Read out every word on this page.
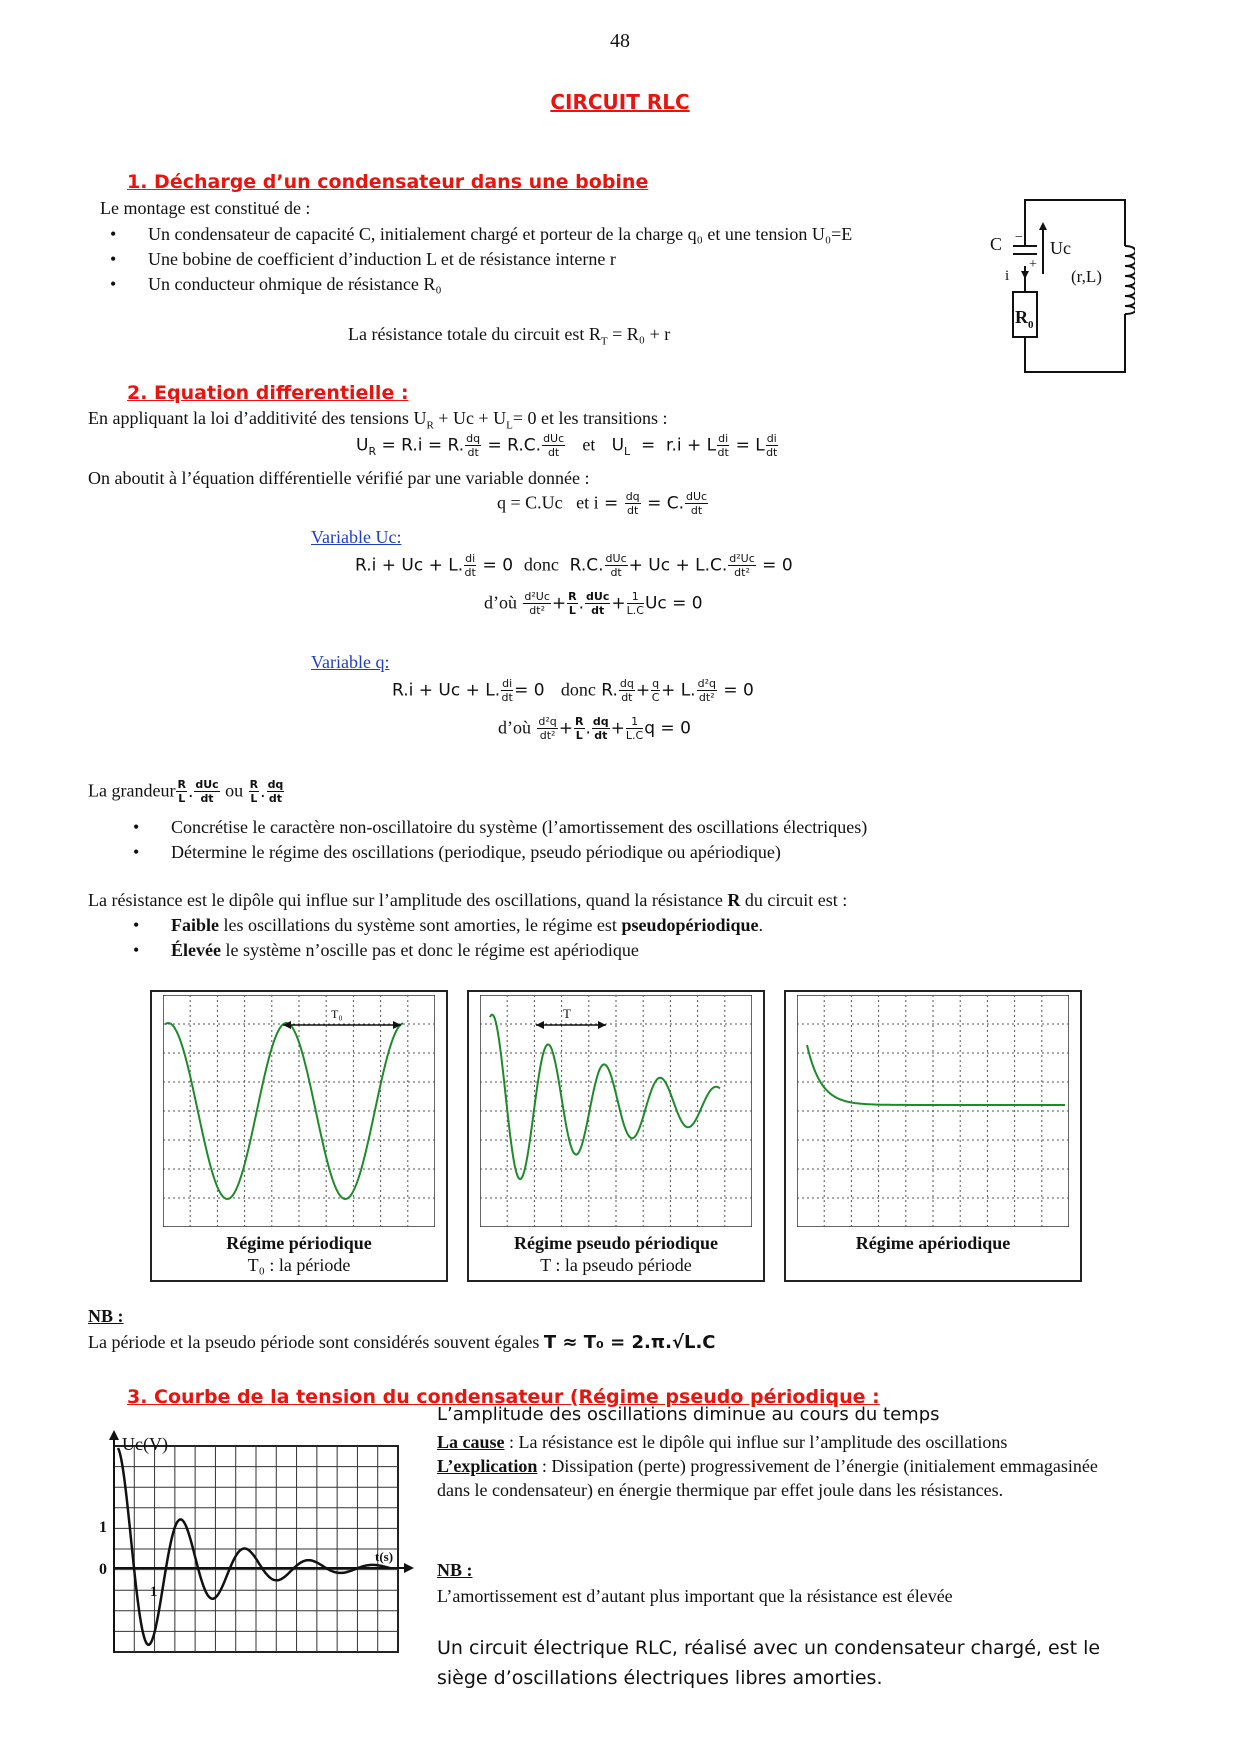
48
CIRCUIT RLC
1. Décharge d’un condensateur dans une bobine
Le montage est constitué de :
• Un condensateur de capacité C, initialement chargé et porteur de la charge q₀ et une tension U₀=E
• Une bobine de coefficient d’induction L et de résistance interne r
• Un conducteur ohmique de résistance R₀
La résistance totale du circuit est $R_T = R_0 + r$
C −
+
i
Uc
(r,L)
$R_0$
2. Equation differentielle :
En appliquant la loi d’additivité des tensions $U_R + Uc + U_L= 0$ et les transitions :
$U_R = R.i = R$. $\frac{dq}{dt} = R.C$. $\frac{\text{dUc}}{dt}$ et   $U_L = r.i + L \frac{di}{dt} = L \frac{di}{dt}$
On aboutit à l’équation différentielle vérifié par une variable donnée :
q = C.Uc   et $i = \frac{dq}{dt} = C$. $\frac{\text{dUc}}{dt}$
Variable Uc:
R.i + Uc + L. $\frac{di}{dt} = 0$  donc  R.C. $\frac{\text{dUc}}{dt} + Uc + L.C$. $\frac{\text{d²Uc}}{\text{dt²}} = 0$
d’où $\frac{\text{d²Uc}}{\text{dt²}} + \frac{R}{L}$ . $\frac{\text{dUc}}{dt} + \frac{1}{L.C}$ Uc = 0
Variable q:
R.i + Uc + L. $\frac{di}{dt} = 0$   donc R. $\frac{dq}{dt} + \frac{q}{C} + L$. $\frac{\text{d²q}}{\text{dt²}} = 0$
d’où $\frac{\text{d²q}}{\text{dt²}} + \frac{R}{L}$ . $\frac{dq}{dt} + \frac{1}{L.C}$ q = 0
La grandeur $\frac{R}{L}$ . $\frac{\text{dUc}}{dt}$ ou $\frac{R}{L}$ . $\frac{dq}{dt}$
• Concrétise le caractère non-oscillatoire du système (l’amortissement des oscillations électriques)
• Détermine le régime des oscillations (periodique, pseudo périodique ou apériodique)
La résistance est le dipôle qui influe sur l’amplitude des oscillations, quand la résistance R du circuit est :
• Faible les oscillations du système sont amorties, le régime est pseudopériodique.
• Élevée le système n’oscille pas et donc le régime est apériodique
T₀
Régime périodique
T₀ : la période
T
Régime pseudo périodique
T : la pseudo période
Régime apériodique
NB :
La période et la pseudo période sont considérés souvent égales T ≈ T₀ = 2.π.√L.C
3. Courbe de la tension du condensateur (Régime pseudo périodique :
Uc(V)
t(s)
1
0
1
L’amplitude des oscillations diminue au cours du temps
La cause : La résistance est le dipôle qui influe sur l’amplitude des oscillations
L’explication : Dissipation (perte) progressivement de l’énergie (initialement emmagasinée dans le condensateur) en énergie thermique par effet joule dans les résistances.
NB :
L’amortissement est d’autant plus important que la résistance est élevée
Un circuit électrique RLC, réalisé avec un condensateur chargé, est le siège d’oscillations électriques libres amorties.
